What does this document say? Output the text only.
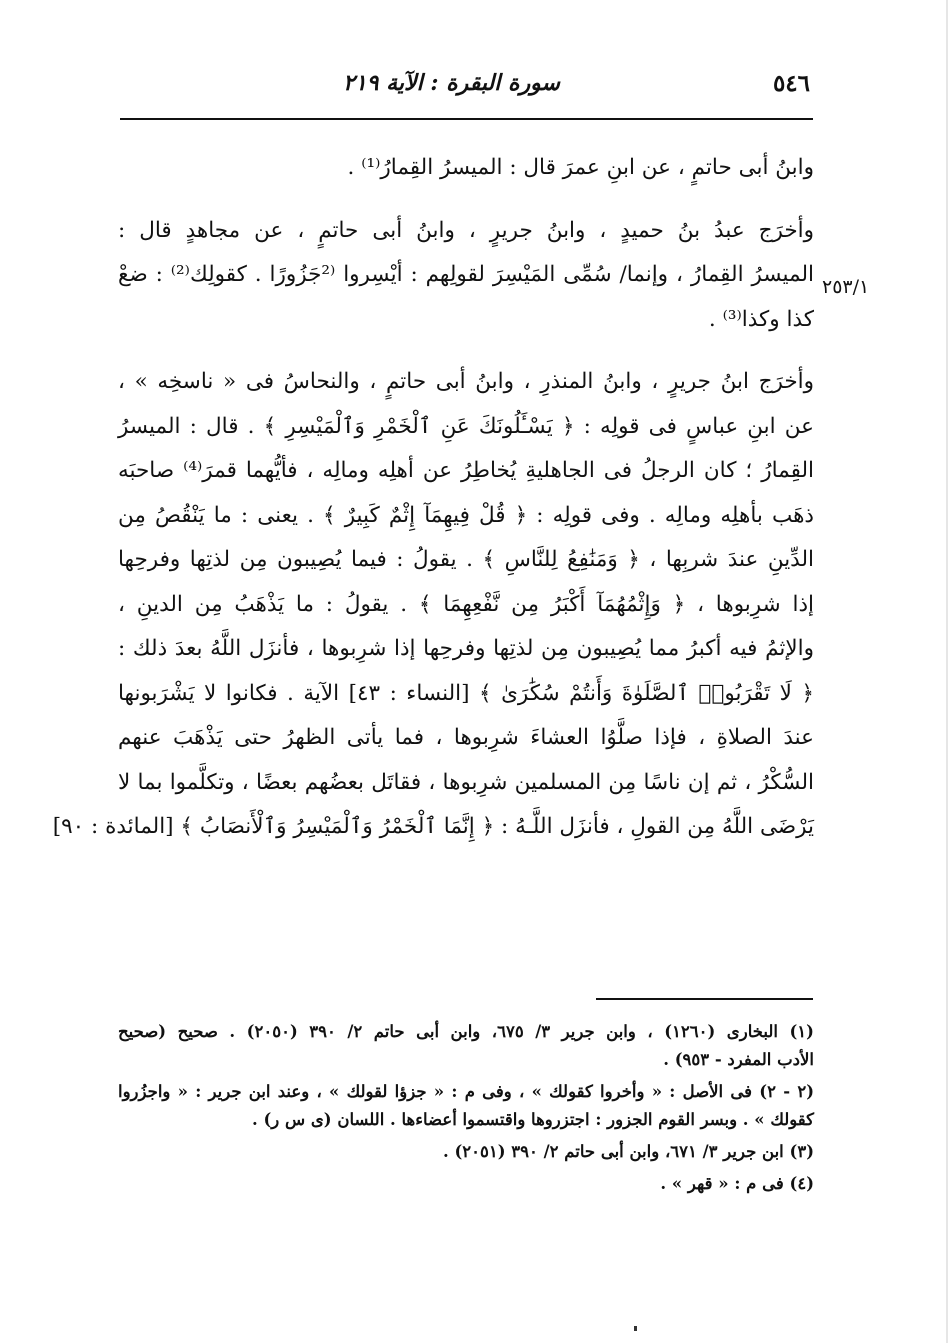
٥٤٦
سورة البقرة : الآية ٢١٩
٢٥٣/١

وابنُ أبى حاتمٍ ، عن ابنِ عمرَ قال : الميسرُ القِمارُ⁽¹⁾ .

وأخرَج عبدُ بنُ حميدٍ ، وابنُ جريرٍ ، وابنُ أبى حاتمٍ ، عن مجاهدٍ قال :
الميسرُ القِمارُ ، وإنما/ سُمِّى المَيْسِرَ لقولِهم : أيْسِروا ⁽²جَزُورًا . كقولِك⁽²⁾ : ضعْ
كذا وكذا⁽³⁾ .

وأخرَج ابنُ جريرٍ ، وابنُ المنذرِ ، وابنُ أبى حاتمٍ ، والنحاسُ فى « ناسخِه » ،
عن ابنِ عباسٍ فى قولِه : ﴿ يَسْـَٔلُونَكَ عَنِ ٱلْخَمْرِ وَٱلْمَيْسِرِ ﴾ . قال : الميسرُ
القِمارُ ؛ كان الرجلُ فى الجاهليةِ يُخاطِرُ عن أهلِه ومالِه ، فأيُّهما قمرَ⁽⁴⁾ صاحبَه
ذهَب بأهلِه ومالِه . وفى قولِه : ﴿ قُلْ فِيهِمَآ إِثْمٌ كَبِيرٌ ﴾ . يعنى : ما يَنْقُصُ مِن
الدِّينِ عندَ شربِها ، ﴿ وَمَنَٰفِعُ لِلنَّاسِ ﴾ . يقولُ : فيما يُصِيبون مِن لذتِها وفرحِها
إذا شرِبوها ، ﴿ وَإِثْمُهُمَآ أَكْبَرُ مِن نَّفْعِهِمَا ﴾ . يقولُ : ما يَذْهَبُ مِن الدينِ ،
والإثمُ فيه أكبرُ مما يُصِيبون مِن لذتِها وفرحِها إذا شرِبوها ، فأنزَل اللَّهُ بعدَ ذلك :
﴿ لَا تَقْرَبُوا۟ ٱلصَّلَوٰةَ وَأَنتُمْ سُكَٰرَىٰ ﴾ [النساء : ٤٣] الآية . فكانوا لا يَشْرَبونها
عندَ الصلاةِ ، فإذا صلَّوُا العشاءَ شرِبوها ، فما يأتى الظهرُ حتى يَذْهَبَ عنهم
السُّكْرُ ، ثم إن ناسًا مِن المسلمين شرِبوها ، فقاتَل بعضُهم بعضًا ، وتكلَّموا بما لا
يَرْضَى اللَّهُ مِن القولِ ، فأنزَل اللَّـهُ : ﴿ إِنَّمَا ٱلْخَمْرُ وَٱلْمَيْسِرُ وَٱلْأَنصَابُ ﴾ [المائدة : ٩٠]

(١) البخارى (١٢٦٠) ، وابن جرير ٣/ ٦٧٥، وابن أبى حاتم ٢/ ٣٩٠ (٢٠٥٠) . صحيح (صحيح
الأدب المفرد - ٩٥٣) .

(٢ - ٢) فى الأصل : « وأخروا كقولك » ، وفى م : « جزؤا لقولك » ، وعند ابن جرير : « واجزُروا
كقولك » . وبسر القوم الجزور : اجتزروها واقتسموا أعضاءها . اللسان (ى س ر) .

(٣) ابن جرير ٣/ ٦٧١، وابن أبى حاتم ٢/ ٣٩٠ (٢٠٥١) .

(٤) فى م : « قهر » .
